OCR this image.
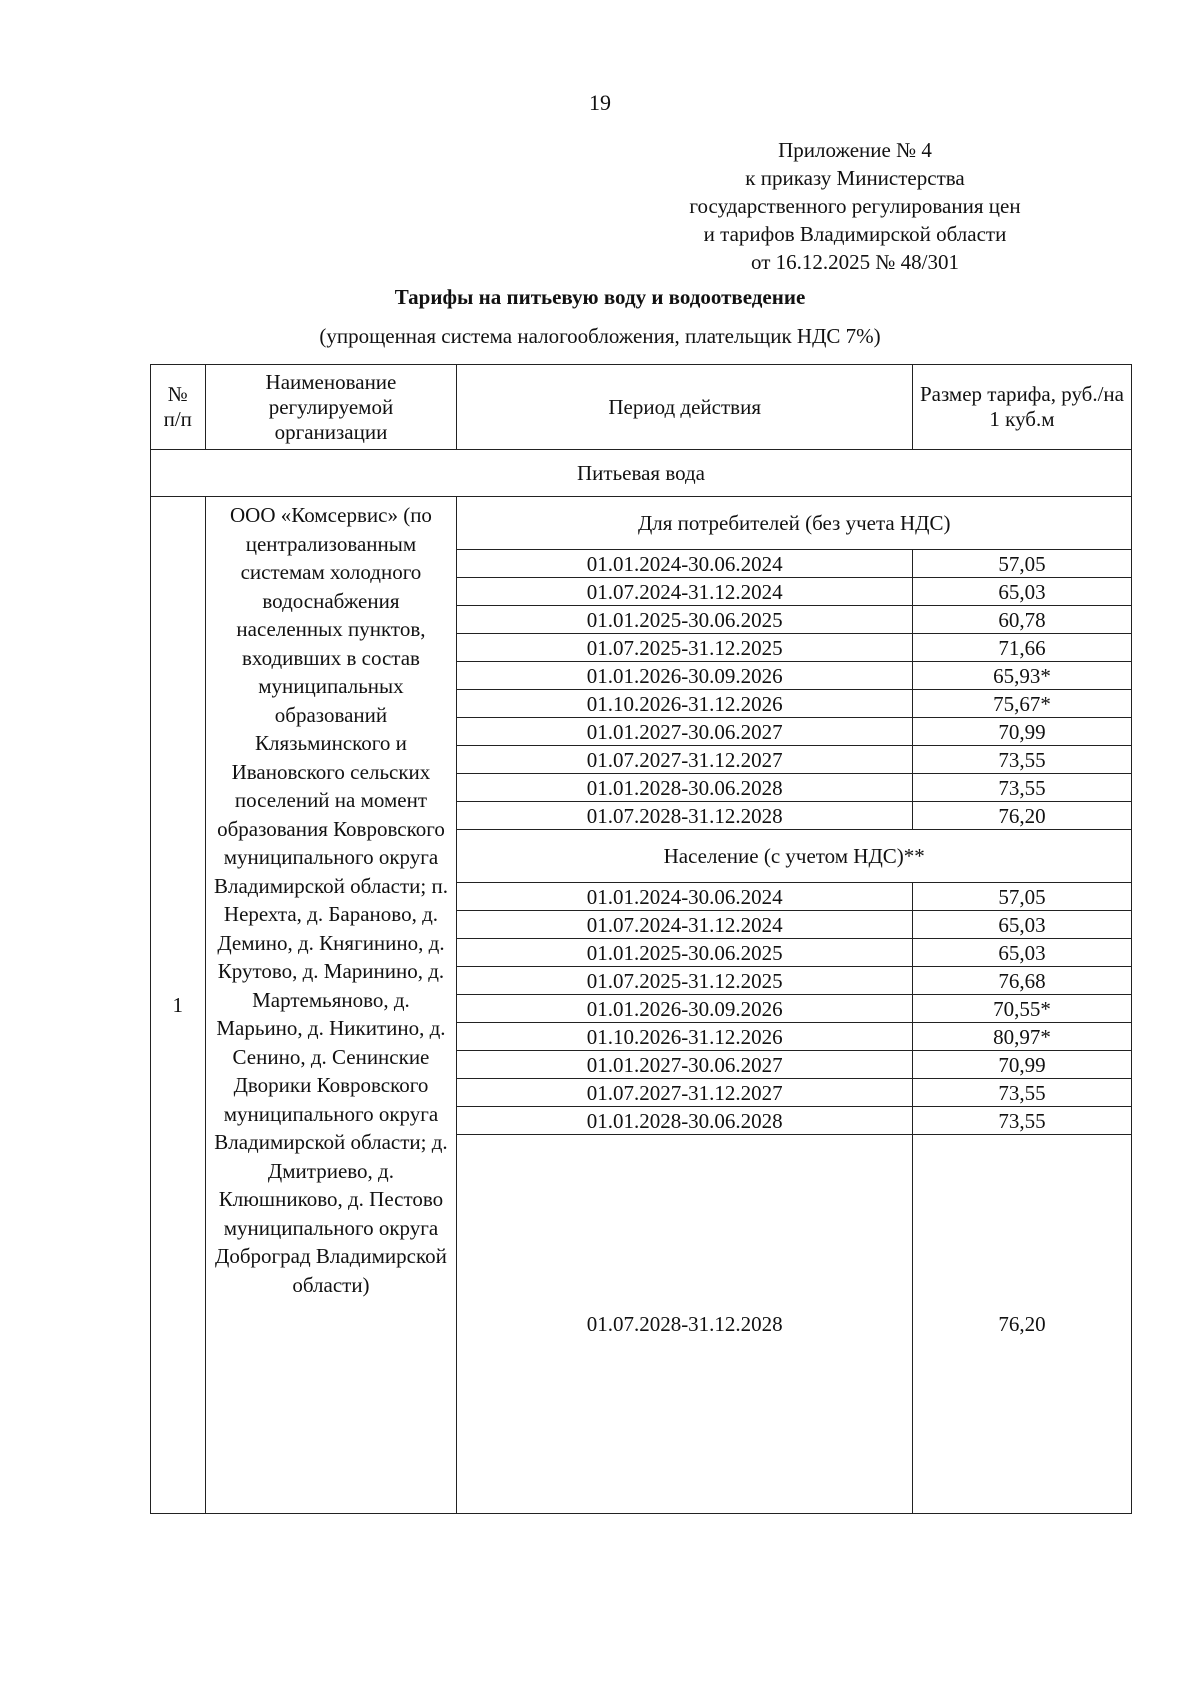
19
Приложение № 4
к приказу Министерства
государственного регулирования цен
и тарифов Владимирской области
от 16.12.2025 № 48/301
Тарифы на питьевую воду и водоотведение
(упрощенная система налогообложения, плательщик НДС 7%)
№ п/п	Наименование регулируемой организации	Период действия	Размер тарифа, руб./на 1 куб.м
Питьевая вода			
1	ООО «Комсервис» (по централизованным системам холодного водоснабжения населенных пунктов, входивших в состав муниципальных образований Клязьминского и Ивановского сельских поселений на момент образования Ковровского муниципального округа Владимирской области; п. Нерехта, д. Бараново, д. Демино, д. Княгинино, д. Крутово, д. Маринино, д. Мартемьяново, д. Марьино, д. Никитино, д. Сенино, д. Сенинские Дворики Ковровского муниципального округа Владимирской области; д. Дмитриево, д. Клюшниково, д. Пестово муниципального округа Доброград Владимирской области)	Для потребителей (без учета НДС)	
		01.01.2024-30.06.2024	57,05
		01.07.2024-31.12.2024	65,03
		01.01.2025-30.06.2025	60,78
		01.07.2025-31.12.2025	71,66
		01.01.2026-30.09.2026	65,93*
		01.10.2026-31.12.2026	75,67*
		01.01.2027-30.06.2027	70,99
		01.07.2027-31.12.2027	73,55
		01.01.2028-30.06.2028	73,55
		01.07.2028-31.12.2028	76,20
		Население (с учетом НДС)**	
		01.01.2024-30.06.2024	57,05
		01.07.2024-31.12.2024	65,03
		01.01.2025-30.06.2025	65,03
		01.07.2025-31.12.2025	76,68
		01.01.2026-30.09.2026	70,55*
		01.10.2026-31.12.2026	80,97*
		01.01.2027-30.06.2027	70,99
		01.07.2027-31.12.2027	73,55
		01.01.2028-30.06.2028	73,55
		01.07.2028-31.12.2028	76,20
